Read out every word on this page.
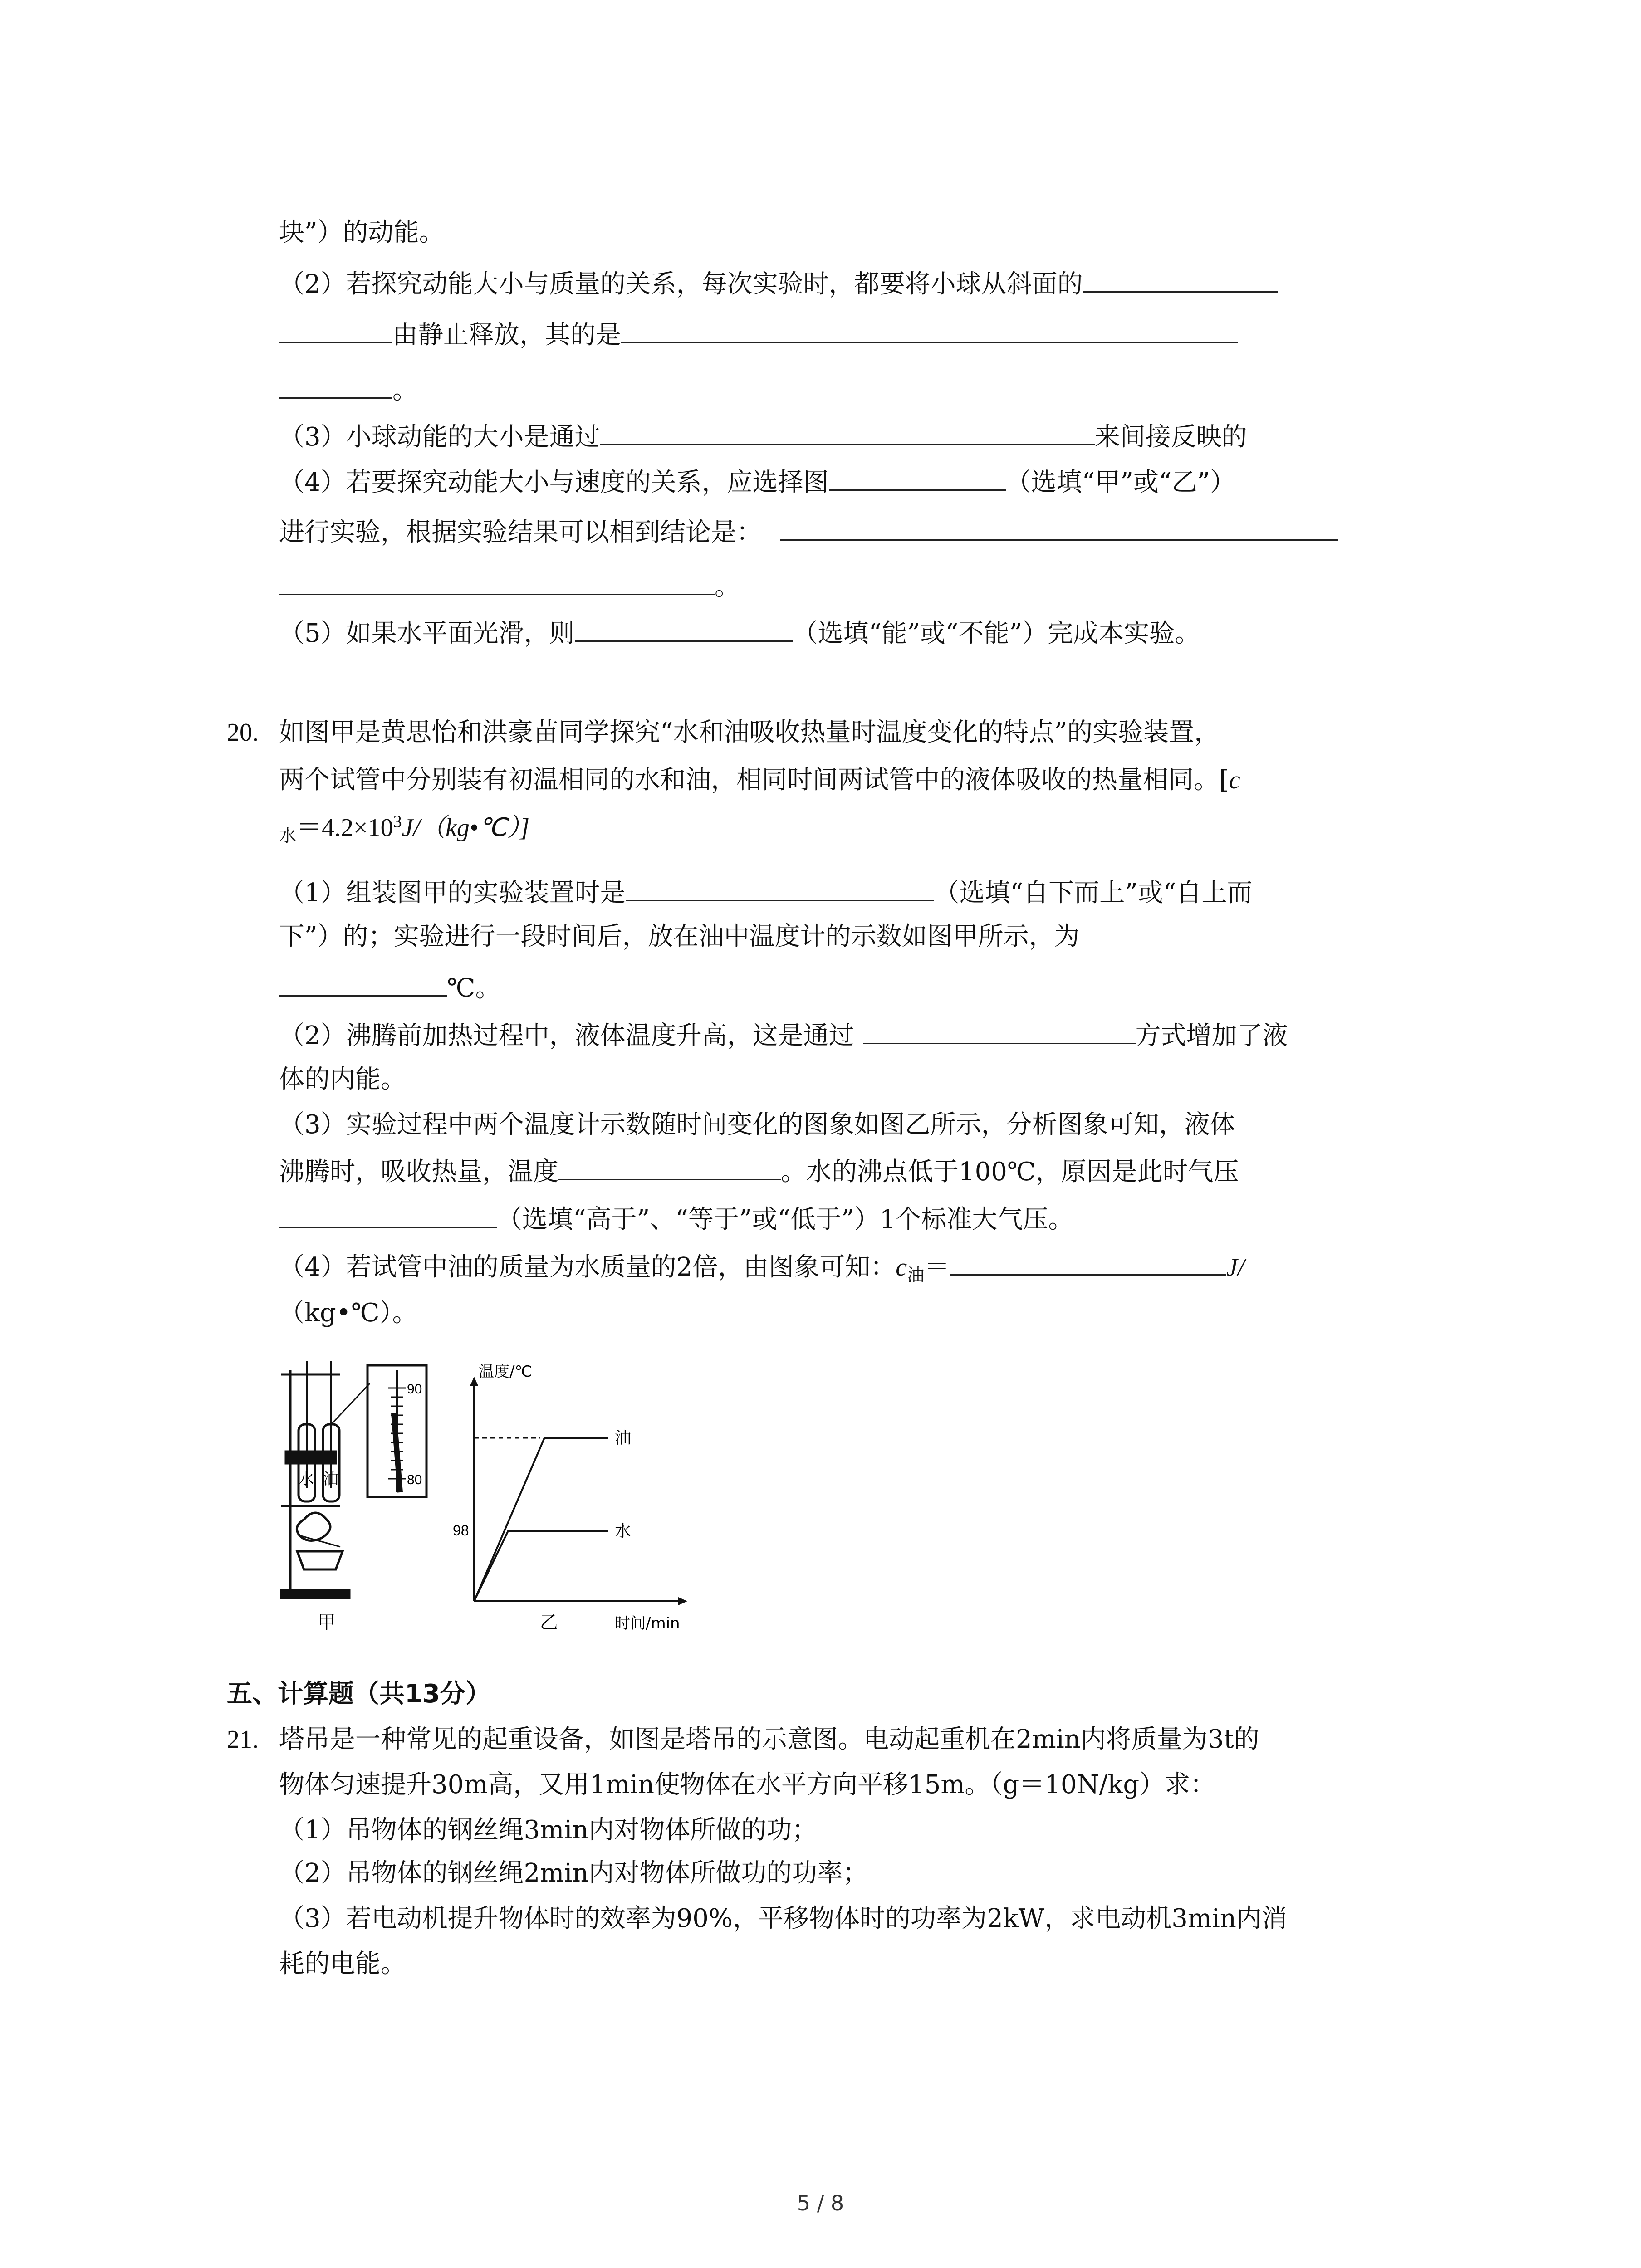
块”）的动能。
（2）若探究动能大小与质量的关系，每次实验时，都要将小球从斜面的
由静止释放，其的是
。
（3）小球动能的大小是通过	来间接反映的
（4）若要探究动能大小与速度的关系，应选择图	（选填“甲”或“乙”）
进行实验，根据实验结果可以相到结论是：
。
（5）如果水平面光滑，则	（选填“能”或“不能”）完成本实验。
20. 如图甲是黄思怡和洪豪苗同学探究“水和油吸收热量时温度变化的特点”的实验装置，
两个试管中分别装有初温相同的水和油，相同时间两试管中的液体吸收的热量相同。[c
$_水=4.2\times 10^3J/(kg•℃)$]
（1）组装图甲的实验装置时是	（选填“自下而上”或“自上而
下”）的；实验进行一段时间后，放在油中温度计的示数如图甲所示，为
℃。
（2）沸腾前加热过程中，液体温度升高，这是通过	方式增加了液
体的内能。
（3）实验过程中两个温度计示数随时间变化的图象如图乙所示，分析图象可知，液体
沸腾时，吸收热量，温度	。水的沸点低于100℃，原因是此时气压
（选填“高于”、“等于”或“低于”）1个标准大气压。
（4）若试管中油的质量为水质量的2倍，由图象可知：$c_油=$	J/
（kg•℃）。
90
80
水 油
甲
温度/℃
时间/min
98
油
水
乙
五、计算题（共13分）
21. 塔吊是一种常见的起重设备，如图是塔吊的示意图。电动起重机在2min内将质量为3t的
物体匀速提升30m高，又用1min使物体在水平方向平移15m。（g＝10N/kg）求：
（1）吊物体的钢丝绳3min内对物体所做的功；
（2）吊物体的钢丝绳2min内对物体所做功的功率；
（3）若电动机提升物体时的效率为90%，平移物体时的功率为2kW，求电动机3min内消
耗的电能。
5 / 8
